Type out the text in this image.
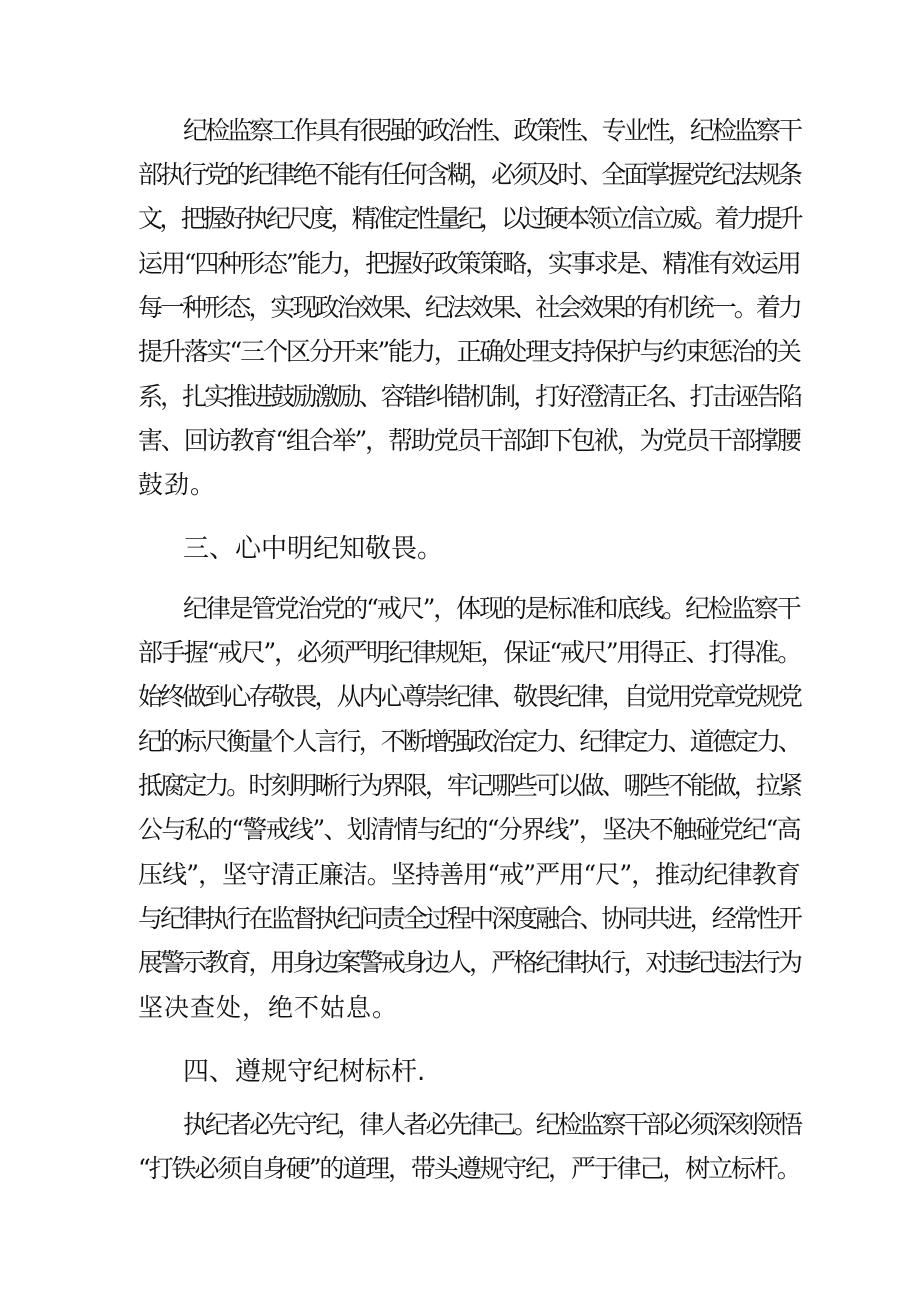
纪检监察工作具有很强的政治性、政策性、专业性，纪检监察干
部执行党的纪律绝不能有任何含糊，必须及时、全面掌握党纪法规条
文，把握好执纪尺度，精准定性量纪，以过硬本领立信立威。着力提升
运用“四种形态”能力，把握好政策策略，实事求是、精准有效运用
每一种形态，实现政治效果、纪法效果、社会效果的有机统一。着力
提升落实“三个区分开来”能力，正确处理支持保护与约束惩治的关
系，扎实推进鼓励激励、容错纠错机制，打好澄清正名、打击诬告陷
害、回访教育“组合举”，帮助党员干部卸下包袱，为党员干部撑腰
鼓劲。
三、心中明纪知敬畏。
纪律是管党治党的“戒尺”，体现的是标准和底线。纪检监察干
部手握“戒尺”，必须严明纪律规矩，保证“戒尺”用得正、打得准。
始终做到心存敬畏，从内心尊崇纪律、敬畏纪律，自觉用党章党规党
纪的标尺衡量个人言行，不断增强政治定力、纪律定力、道德定力、
抵腐定力。时刻明晰行为界限，牢记哪些可以做、哪些不能做，拉紧
公与私的“警戒线”、划清情与纪的“分界线”，坚决不触碰党纪“高
压线”，坚守清正廉洁。坚持善用“戒”严用“尺”，推动纪律教育
与纪律执行在监督执纪问责全过程中深度融合、协同共进，经常性开
展警示教育，用身边案警戒身边人，严格纪律执行，对违纪违法行为
坚决查处，绝不姑息。
四、遵规守纪树标杆.
执纪者必先守纪，律人者必先律己。纪检监察干部必须深刻领悟
“打铁必须自身硬”的道理，带头遵规守纪，严于律己，树立标杆。
